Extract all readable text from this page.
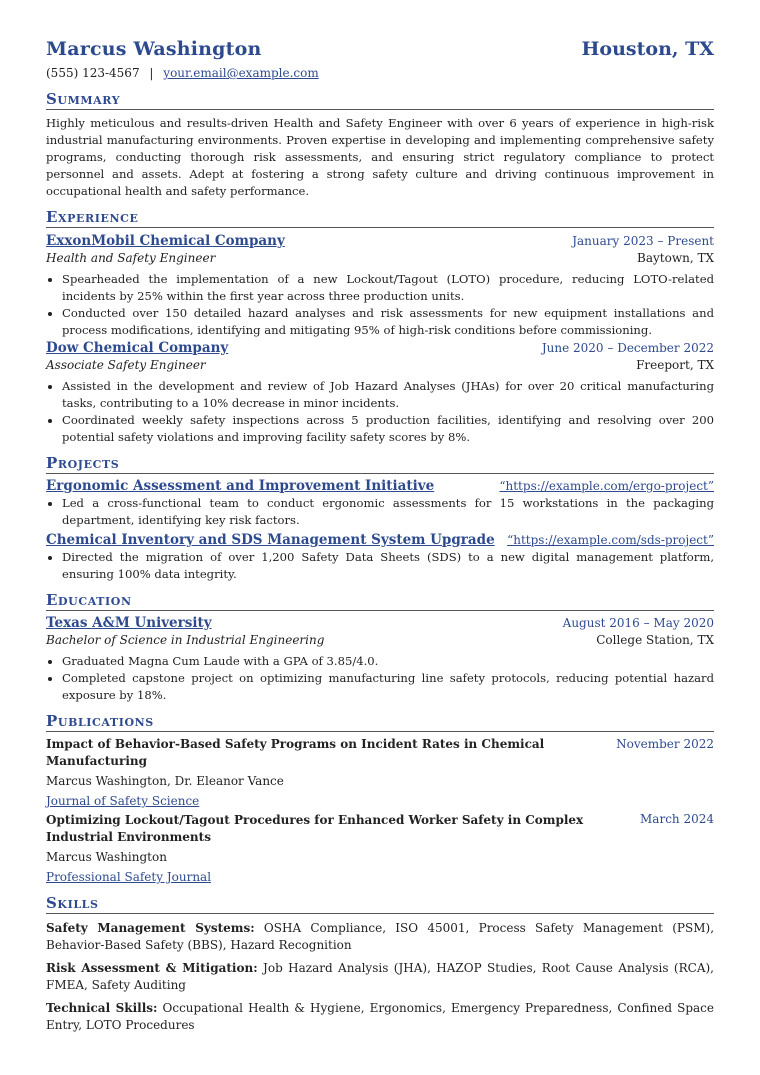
Marcus Washington	Houston, TX
(555) 123-4567 | your.email@example.com
Summary
Highly meticulous and results-driven Health and Safety Engineer with over 6 years of experience in high-risk industrial manufacturing environments. Proven expertise in developing and implementing comprehensive safety programs, conducting thorough risk assessments, and ensuring strict regulatory compliance to protect personnel and assets. Adept at fostering a strong safety culture and driving continuous improvement in occupational health and safety performance.
Experience
ExxonMobil Chemical Company	January 2023 – Present
Health and Safety Engineer	Baytown, TX
• Spearheaded the implementation of a new Lockout/Tagout (LOTO) procedure, reducing LOTO-related incidents by 25% within the first year across three production units.
• Conducted over 150 detailed hazard analyses and risk assessments for new equipment installations and process modifications, identifying and mitigating 95% of high-risk conditions before commissioning.
Dow Chemical Company	June 2020 – December 2022
Associate Safety Engineer	Freeport, TX
• Assisted in the development and review of Job Hazard Analyses (JHAs) for over 20 critical manufacturing tasks, contributing to a 10% decrease in minor incidents.
• Coordinated weekly safety inspections across 5 production facilities, identifying and resolving over 200 potential safety violations and improving facility safety scores by 8%.
Projects
Ergonomic Assessment and Improvement Initiative	“https://example.com/ergo-project”
• Led a cross-functional team to conduct ergonomic assessments for 15 workstations in the packaging department, identifying key risk factors.
Chemical Inventory and SDS Management System Upgrade “https://example.com/sds-project”
• Directed the migration of over 1,200 Safety Data Sheets (SDS) to a new digital management platform, ensuring 100% data integrity.
Education
Texas A&M University	August 2016 – May 2020
Bachelor of Science in Industrial Engineering	College Station, TX
• Graduated Magna Cum Laude with a GPA of 3.85/4.0.
• Completed capstone project on optimizing manufacturing line safety protocols, reducing potential hazard exposure by 18%.
Publications
Impact of Behavior-Based Safety Programs on Incident Rates in Chemical Manufacturing
November 2022
Marcus Washington, Dr. Eleanor Vance
Journal of Safety Science
Optimizing Lockout/Tagout Procedures for Enhanced Worker Safety in Complex Industrial Environments
March 2024
Marcus Washington
Professional Safety Journal
Skills
Safety Management Systems: OSHA Compliance, ISO 45001, Process Safety Management (PSM), Behavior-Based Safety (BBS), Hazard Recognition
Risk Assessment & Mitigation: Job Hazard Analysis (JHA), HAZOP Studies, Root Cause Analysis (RCA), FMEA, Safety Auditing
Technical Skills: Occupational Health & Hygiene, Ergonomics, Emergency Preparedness, Confined Space Entry, LOTO Procedures
